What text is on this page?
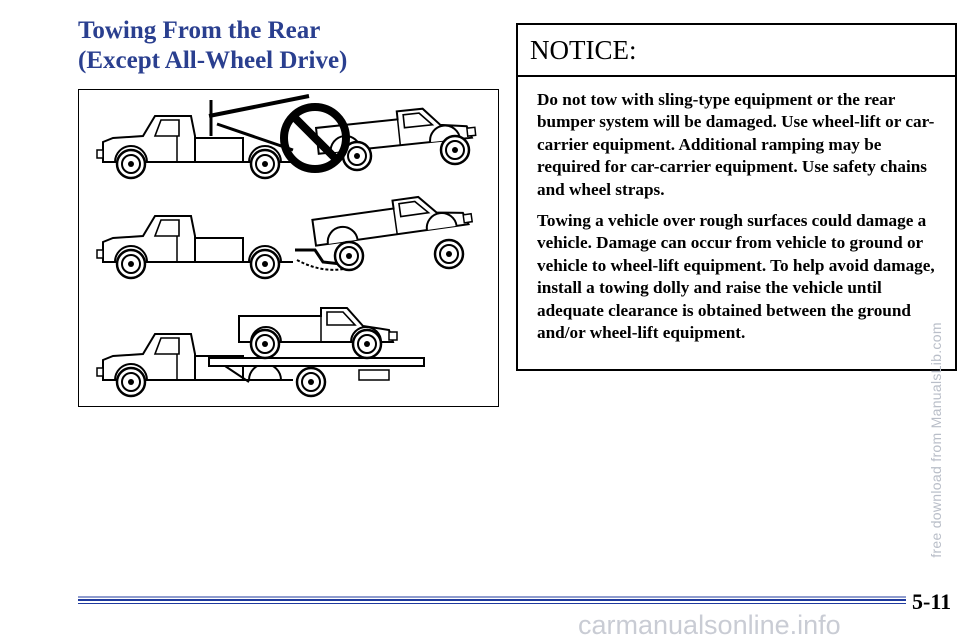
Towing From the Rear
(Except All-Wheel Drive)	NOTICE:

Do not tow with sling-type equipment or the rear bumper system will be damaged. Use wheel-lift or car-carrier equipment. Additional ramping may be required for car-carrier equipment. Use safety chains and wheel straps.

Towing a vehicle over rough surfaces could damage a vehicle. Damage can occur from vehicle to ground or vehicle to wheel-lift equipment. To help avoid damage, install a towing dolly and raise the vehicle until adequate clearance is obtained between the ground and/or wheel-lift equipment.

5-11
free download from ManualsLib.com
carmanualsonline.info
